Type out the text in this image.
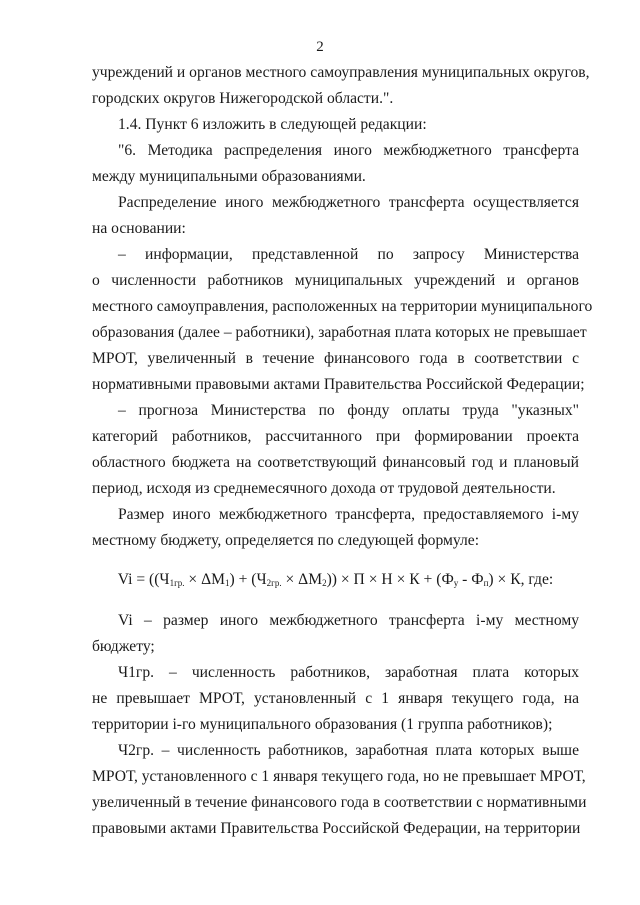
2
учреждений и органов местного самоуправления муниципальных округов,
городских округов Нижегородской области.".
1.4. Пункт 6 изложить в следующей редакции:
"6. Методика распределения иного межбюджетного трансферта
между муниципальными образованиями.
Распределение иного межбюджетного трансферта осуществляется
на основании:
– информации, представленной по запросу Министерства
о численности работников муниципальных учреждений и органов
местного самоуправления, расположенных на территории муниципального
образования (далее – работники), заработная плата которых не превышает
МРОТ, увеличенный в течение финансового года в соответствии с
нормативными правовыми актами Правительства Российской Федерации;
– прогноза Министерства по фонду оплаты труда "указных"
категорий работников, рассчитанного при формировании проекта
областного бюджета на соответствующий финансовый год и плановый
период, исходя из среднемесячного дохода от трудовой деятельности.
Размер иного межбюджетного трансферта, предоставляемого i-му
местному бюджету, определяется по следующей формуле:
Vi – размер иного межбюджетного трансферта i-му местному
бюджету;
Ч1гр. – численность работников, заработная плата которых
не превышает МРОТ, установленный с 1 января текущего года, на
территории i-го муниципального образования (1 группа работников);
Ч2гр. – численность работников, заработная плата которых выше
МРОТ, установленного с 1 января текущего года, но не превышает МРОТ,
увеличенный в течение финансового года в соответствии с нормативными
правовыми актами Правительства Российской Федерации, на территории
$Vi = ((Ч_{1гр.} \times \Delta М_1) + (Ч_{2гр.} \times \Delta М_2)) \times П \times Н \times К + (Ф_у - Ф_п) \times К$, где:
